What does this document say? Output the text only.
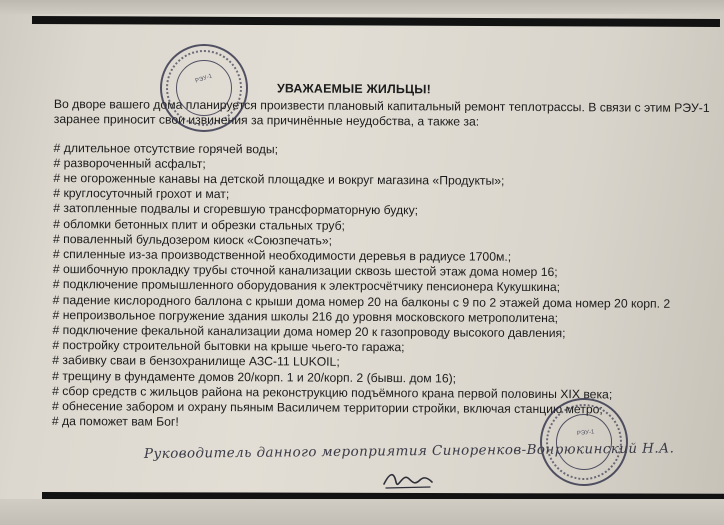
УВАЖАЕМЫЕ ЖИЛЬЦЫ!

Во дворе вашего дома планируется произвести плановый капитальный ремонт теплотрассы. В связи с этим РЭУ-1 заранее приносит свои извинения за причинённые неудобства, а также за:

# длительное отсутствие горячей воды;
# развороченный асфальт;
# не огороженные канавы на детской площадке и вокруг магазина «Продукты»;
# круглосуточный грохот и мат;
# затопленные подвалы и сгоревшую трансформаторную будку;
# обломки бетонных плит и обрезки стальных труб;
# поваленный бульдозером киоск «Союзпечать»;
# спиленные из-за производственной необходимости деревья в радиусе 1700м.;
# ошибочную прокладку трубы сточной канализации сквозь шестой этаж дома номер 16;
# подключение промышленного оборудования к электросчётчику пенсионера Кукушкина;
# падение кислородного баллона с крыши дома номер 20 на балконы с 9 по 2 этажей дома номер 20 корп. 2
# непроизвольное погружение здания школы 216 до уровня московского метрополитена;
# подключение фекальной канализации дома номер 20 к газопроводу высокого давления;
# постройку строительной бытовки на крыше чьего-то гаража;
# забивку сваи в бензохранилище АЗС-11 LUKOIL;
# трещину в фундаменте домов 20/корп. 1 и 20/корп. 2 (бывш. дом 16);
# сбор средств с жильцов района на реконструкцию подъёмного крана первой половины XIX века;
# обнесение забором и охрану пьяным Василичем территории стройки, включая станцию метро;
# да поможет вам Бог!
РЭУ-1
РЭУ-1
Руководитель данного мероприятия Синоренков-Вонрюкинский Н.А.
